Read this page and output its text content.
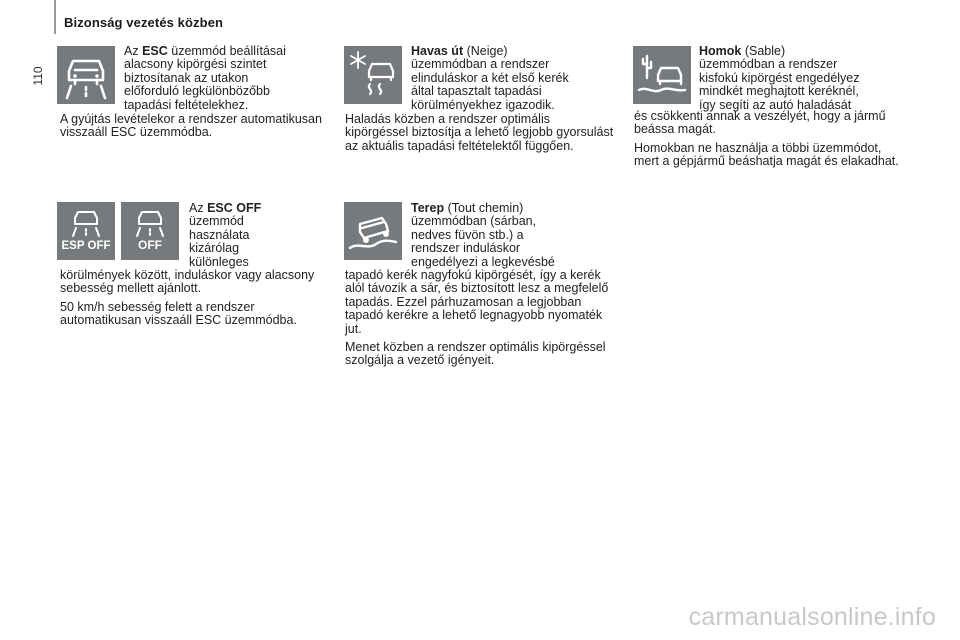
Bizonság vezetés közben
110
Az ESC üzemmód beállításai
alacsony kipörgési szintet
biztosítanak az utakon
előforduló legkülönbözőbb
tapadási feltételekhez.

A gyújtás levételekor a rendszer automatikusan visszaáll ESC üzemmódba.

ESP OFF OFF
Az ESC OFF
üzemmód
használata
kizárólag
különleges

körülmények között, induláskor vagy alacsony sebesség mellett ajánlott.

50 km/h sebesség felett a rendszer automatikusan visszaáll ESC üzemmódba.

Havas út (Neige)
üzemmódban a rendszer
elinduláskor a két első kerék
által tapasztalt tapadási
körülményekhez igazodik.

Haladás közben a rendszer optimális kipörgéssel biztosítja a lehető legjobb gyorsulást az aktuális tapadási feltételektől függően.

Terep (Tout chemin)
üzemmódban (sárban,
nedves füvön stb.) a
rendszer induláskor
engedélyezi a legkevésbé

tapadó kerék nagyfokú kipörgését, így a kerék alól távozik a sár, és biztosított lesz a megfelelő tapadás. Ezzel párhuzamosan a legjobban tapadó kerékre a lehető legnagyobb nyomaték jut.

Menet közben a rendszer optimális kipörgéssel szolgálja a vezető igényeit.

Homok (Sable)
üzemmódban a rendszer
kisfokú kipörgést engedélyez
mindkét meghajtott keréknél,
így segíti az autó haladását

és csökkenti annak a veszélyét, hogy a jármű beássa magát.

Homokban ne használja a többi üzemmódot, mert a gépjármű beáshatja magát és elakadhat.

carmanualsonline.info
